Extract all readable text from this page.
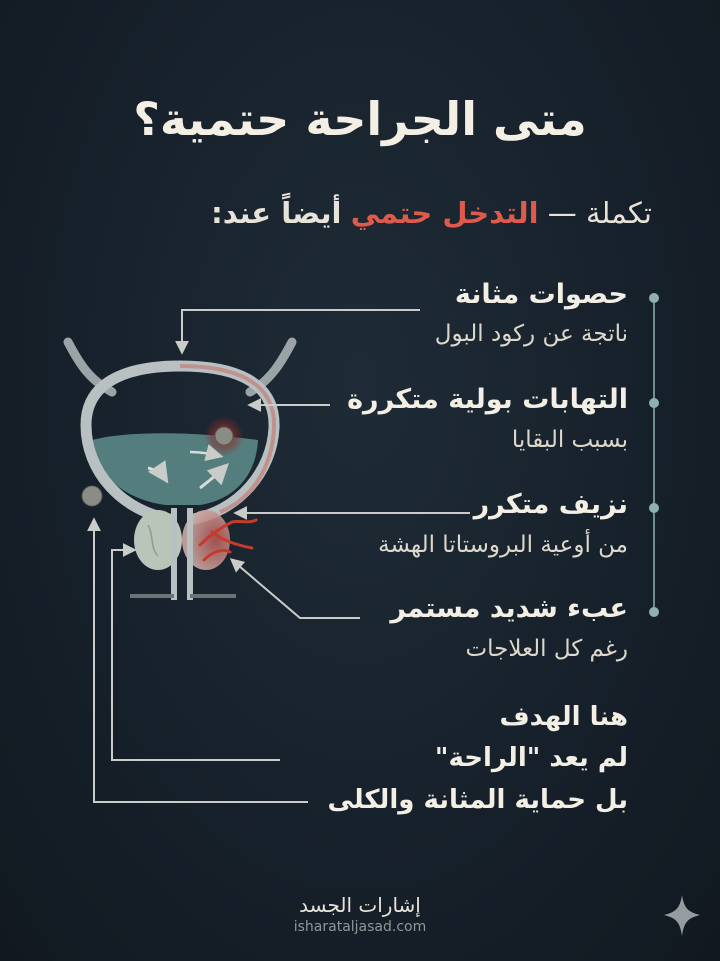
متى الجراحة حتمية؟
تكملة — التدخل حتمي أيضاً عند:
حصوات مثانة
ناتجة عن ركود البول
التهابات بولية متكررة
بسبب البقايا
نزيف متكرر
من أوعية البروستاتا الهشة
عبء شديد مستمر
رغم كل العلاجات
هنا الهدف
لم يعد "الراحة"
بل حماية المثانة والكلى
إشارات الجسد
isharataljasad.com
